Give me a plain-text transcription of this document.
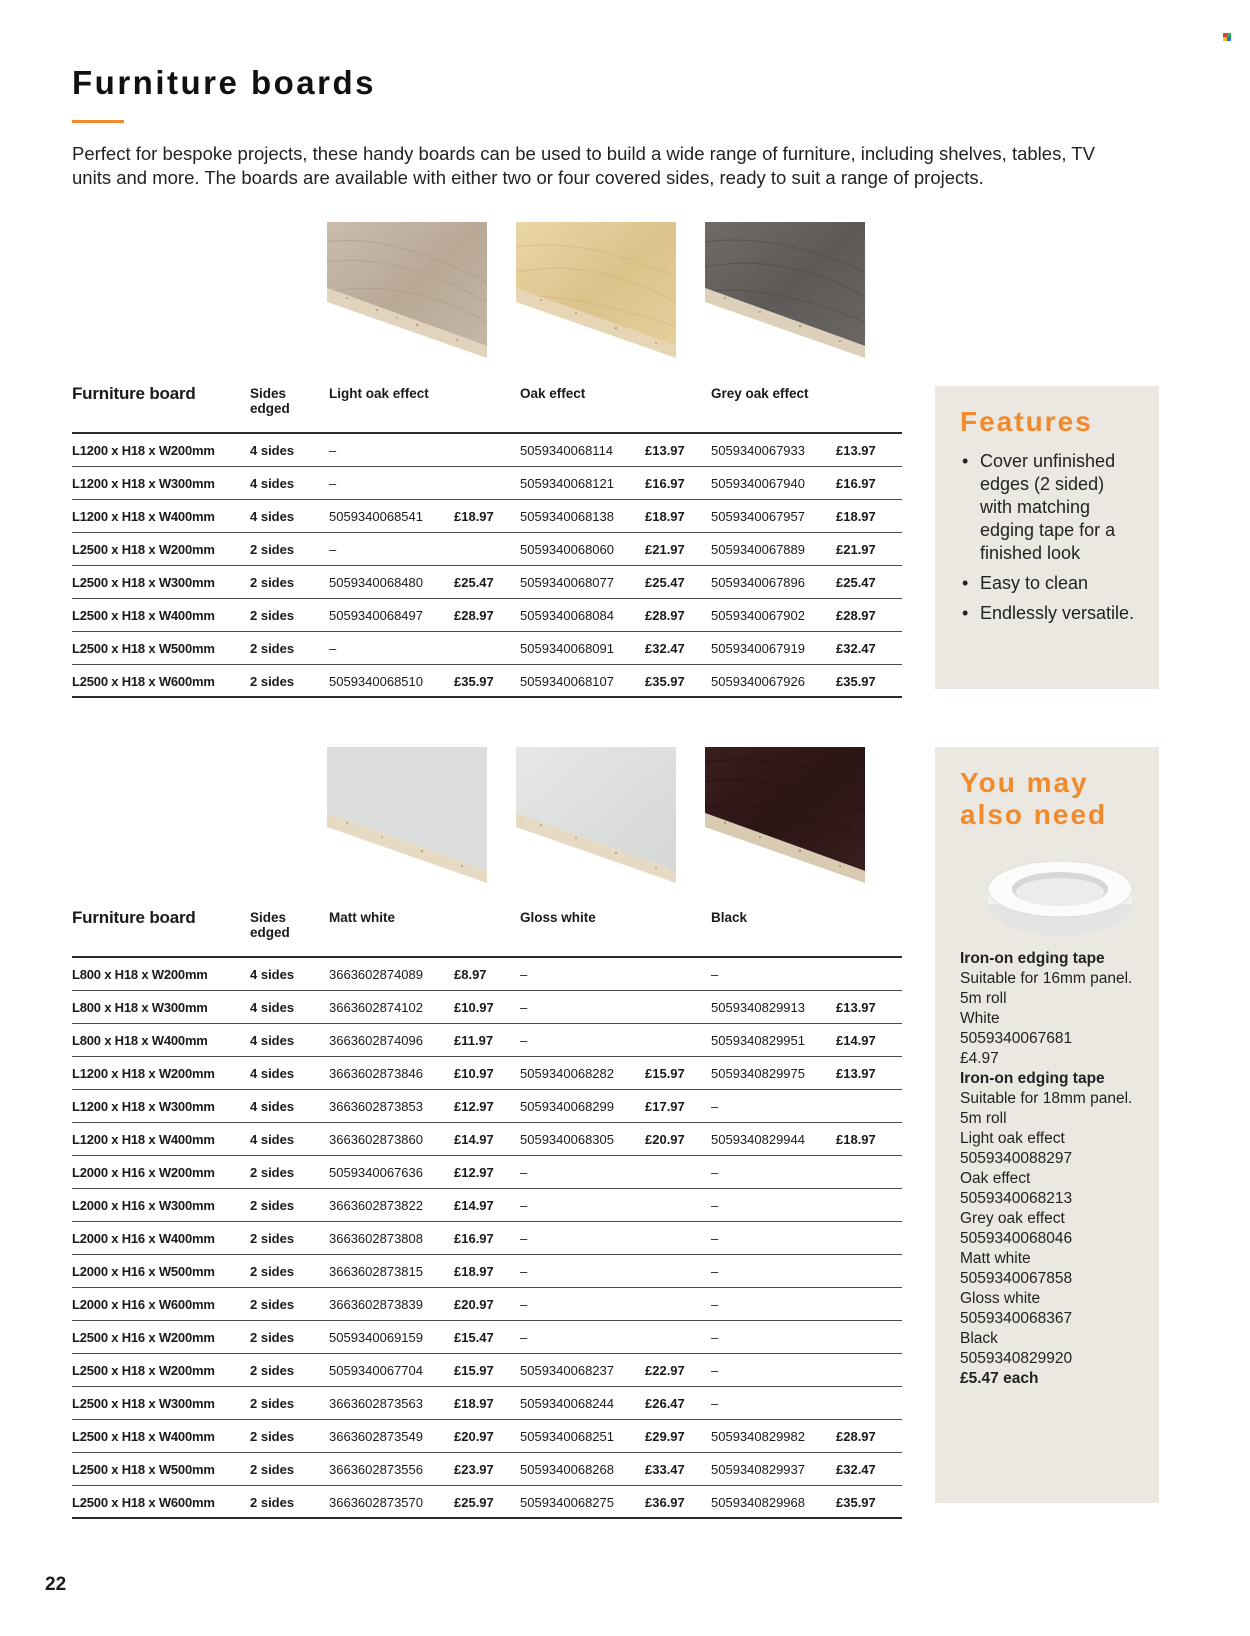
Furniture boards

Perfect for bespoke projects, these handy boards can be used to build a wide range of furniture, including shelves, tables, TV units and more. The boards are available with either two or four covered sides, ready to suit a range of projects.

Furniture board	Sides edged
Light oak effect	Oak effect	Grey oak effect
L1200 x H18 x W200mm	4 sides	–	5059340068114 £13.97 5059340067933 £13.97
L1200 x H18 x W300mm	4 sides	–	5059340068121 £16.97 5059340067940 £16.97
L1200 x H18 x W400mm	4 sides	5059340068541 £18.97 5059340068138 £18.97 5059340067957 £18.97
L2500 x H18 x W200mm	2 sides	–	5059340068060 £21.97 5059340067889 £21.97
L2500 x H18 x W300mm	2 sides	5059340068480 £25.47 5059340068077 £25.47 5059340067896 £25.47
L2500 x H18 x W400mm	2 sides	5059340068497 £28.97 5059340068084 £28.97 5059340067902 £28.97
L2500 x H18 x W500mm	2 sides	–	5059340068091 £32.47 5059340067919 £32.47
L2500 x H18 x W600mm	2 sides	5059340068510 £35.97 5059340068107 £35.97 5059340067926 £35.97
Features
• Cover unfinished edges (2 sided) with matching edging tape for a finished look
• Easy to clean
• Endlessly versatile.
Furniture board	Sides edged
Matt white	Gloss white	Black
L800 x H18 x W200mm	4 sides	3663602874089 £8.97	–	–
L800 x H18 x W300mm	4 sides	3663602874102 £10.97 –	5059340829913 £13.97
L800 x H18 x W400mm	4 sides	3663602874096 £11.97 –	5059340829951 £14.97
L1200 x H18 x W200mm	4 sides	3663602873846 £10.97 5059340068282 £15.97 5059340829975 £13.97
L1200 x H18 x W300mm	4 sides	3663602873853 £12.97 5059340068299 £17.97 –
L1200 x H18 x W400mm	4 sides	3663602873860 £14.97 5059340068305 £20.97 5059340829944 £18.97
L2000 x H16 x W200mm	2 sides	5059340067636 £12.97 –	–
L2000 x H16 x W300mm	2 sides	3663602873822 £14.97 –	–
L2000 x H16 x W400mm	2 sides	3663602873808 £16.97 –	–
L2000 x H16 x W500mm	2 sides	3663602873815 £18.97 –	–
L2000 x H16 x W600mm	2 sides	3663602873839 £20.97 –	–
L2500 x H16 x W200mm	2 sides	5059340069159 £15.47 –	–
L2500 x H18 x W200mm	2 sides	5059340067704 £15.97 5059340068237 £22.97 –
L2500 x H18 x W300mm	2 sides	3663602873563 £18.97 5059340068244 £26.47 –
L2500 x H18 x W400mm	2 sides	3663602873549 £20.97 5059340068251 £29.97 5059340829982 £28.97
L2500 x H18 x W500mm	2 sides	3663602873556 £23.97 5059340068268 £33.47 5059340829937 £32.47
L2500 x H18 x W600mm	2 sides	3663602873570 £25.97 5059340068275 £36.97 5059340829968 £35.97
You may
also need
Iron-on edging tape
Suitable for 16mm panel.
5m roll
White
5059340067681
£4.97
Iron-on edging tape
Suitable for 18mm panel.
5m roll
Light oak effect
5059340088297
Oak effect
5059340068213
Grey oak effect
5059340068046
Matt white
5059340067858
Gloss white
5059340068367
Black
5059340829920
£5.47 each
22
